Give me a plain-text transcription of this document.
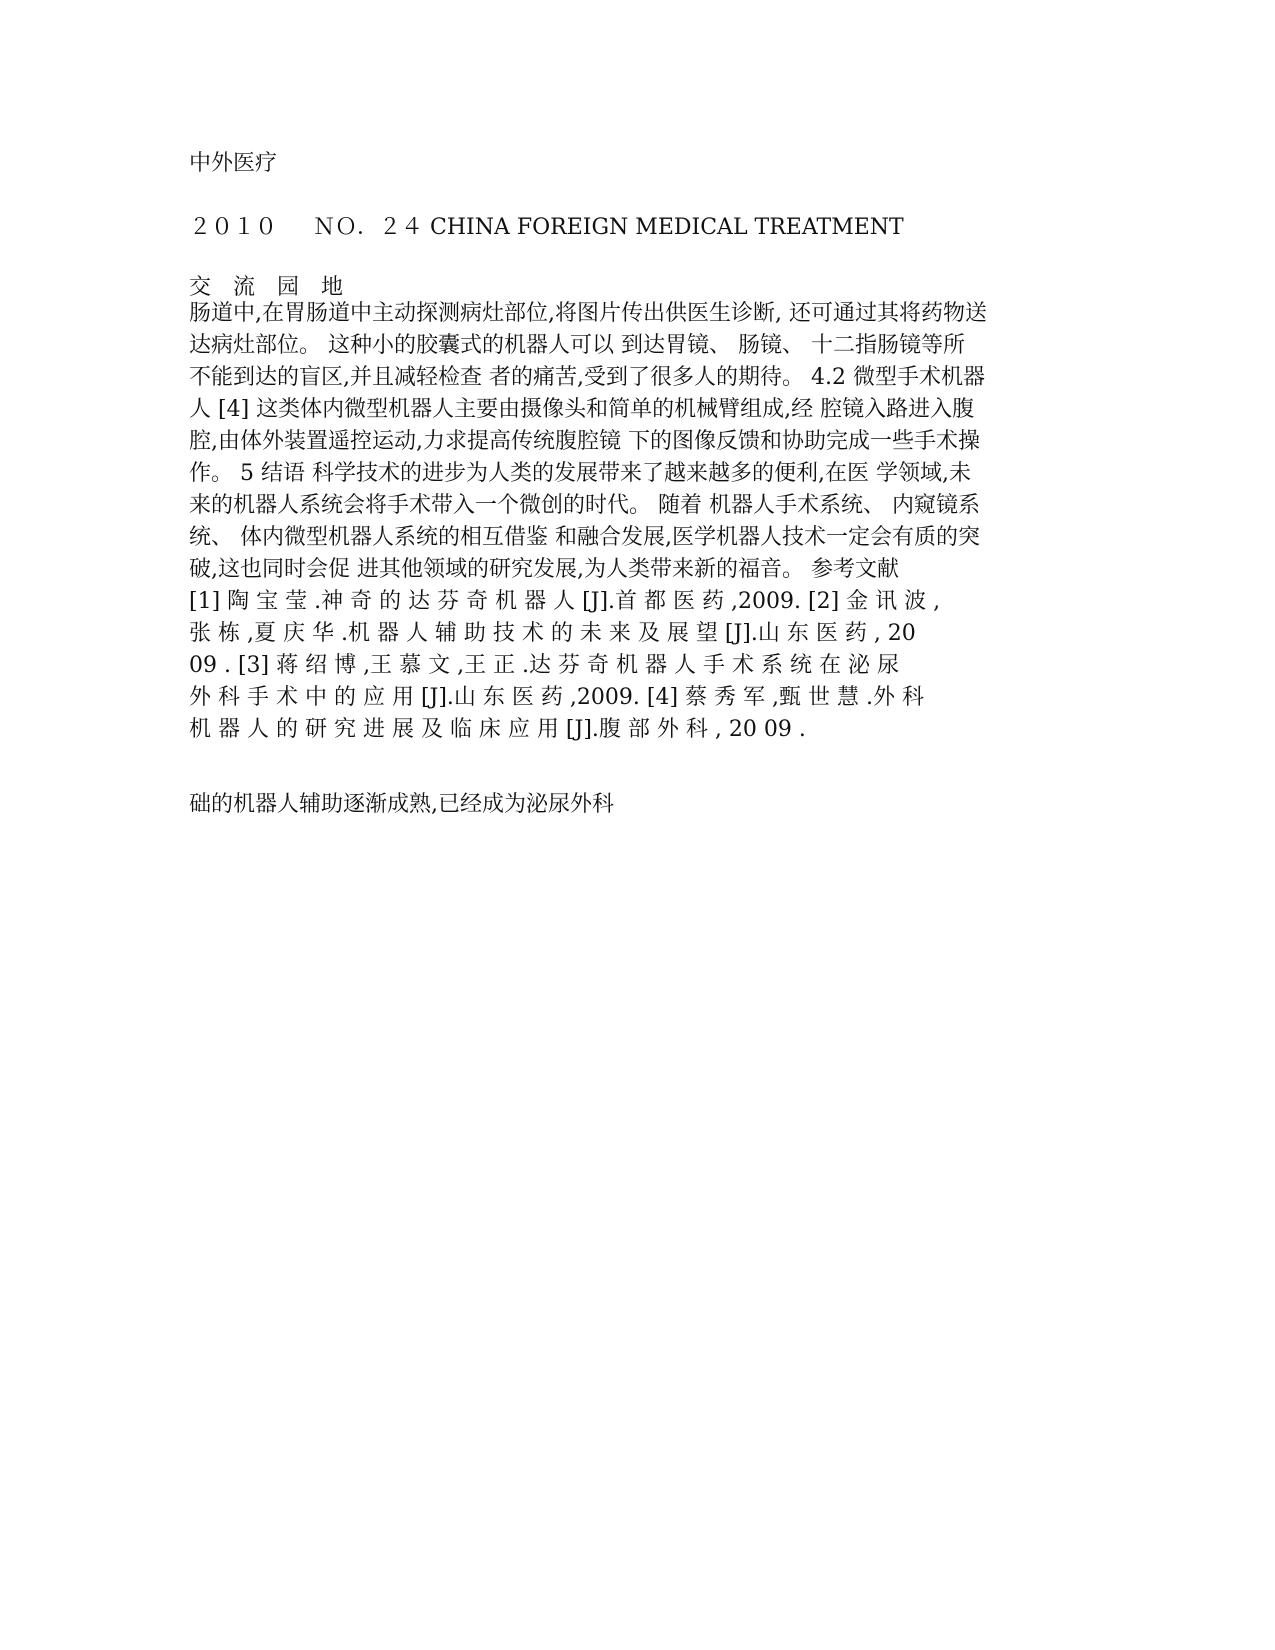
中外医疗
２０１０ ＮＯ．２４ CHINA FOREIGN MEDICAL TREATMENT
交　流　园　地
肠道中,在胃肠道中主动探测病灶部位,将图片传出供医生诊断, 还可通过其将药物送
达病灶部位。 这种小的胶囊式的机器人可以 到达胃镜、 肠镜、 十二指肠镜等所
不能到达的盲区,并且减轻检查 者的痛苦,受到了很多人的期待。 4.2 微型手术机器
人 [4] 这类体内微型机器人主要由摄像头和简单的机械臂组成,经 腔镜入路进入腹
腔,由体外装置遥控运动,力求提高传统腹腔镜 下的图像反馈和协助完成一些手术操
作。 5 结语 科学技术的进步为人类的发展带来了越来越多的便利,在医 学领域,未
来的机器人系统会将手术带入一个微创的时代。 随着 机器人手术系统、 内窥镜系
统、 体内微型机器人系统的相互借鉴 和融合发展,医学机器人技术一定会有质的突
破,这也同时会促 进其他领域的研究发展,为人类带来新的福音。 参考文献
[1] 陶 宝 莹 .神 奇 的 达 芬 奇 机 器 人 [J].首 都 医 药 ,2009. [2] 金 讯 波 ,
张 栋 ,夏 庆 华 .机 器 人 辅 助 技 术 的 未 来 及 展 望 [J].山 东 医 药 , 20
09 . [3] 蒋 绍 博 ,王 慕 文 ,王 正 .达 芬 奇 机 器 人 手 术 系 统 在 泌 尿
外 科 手 术 中 的 应 用 [J].山 东 医 药 ,2009. [4] 蔡 秀 军 ,甄 世 慧 .外 科
机 器 人 的 研 究 进 展 及 临 床 应 用 [J].腹 部 外 科 , 20 09 .
础的机器人辅助逐渐成熟,已经成为泌尿外科
